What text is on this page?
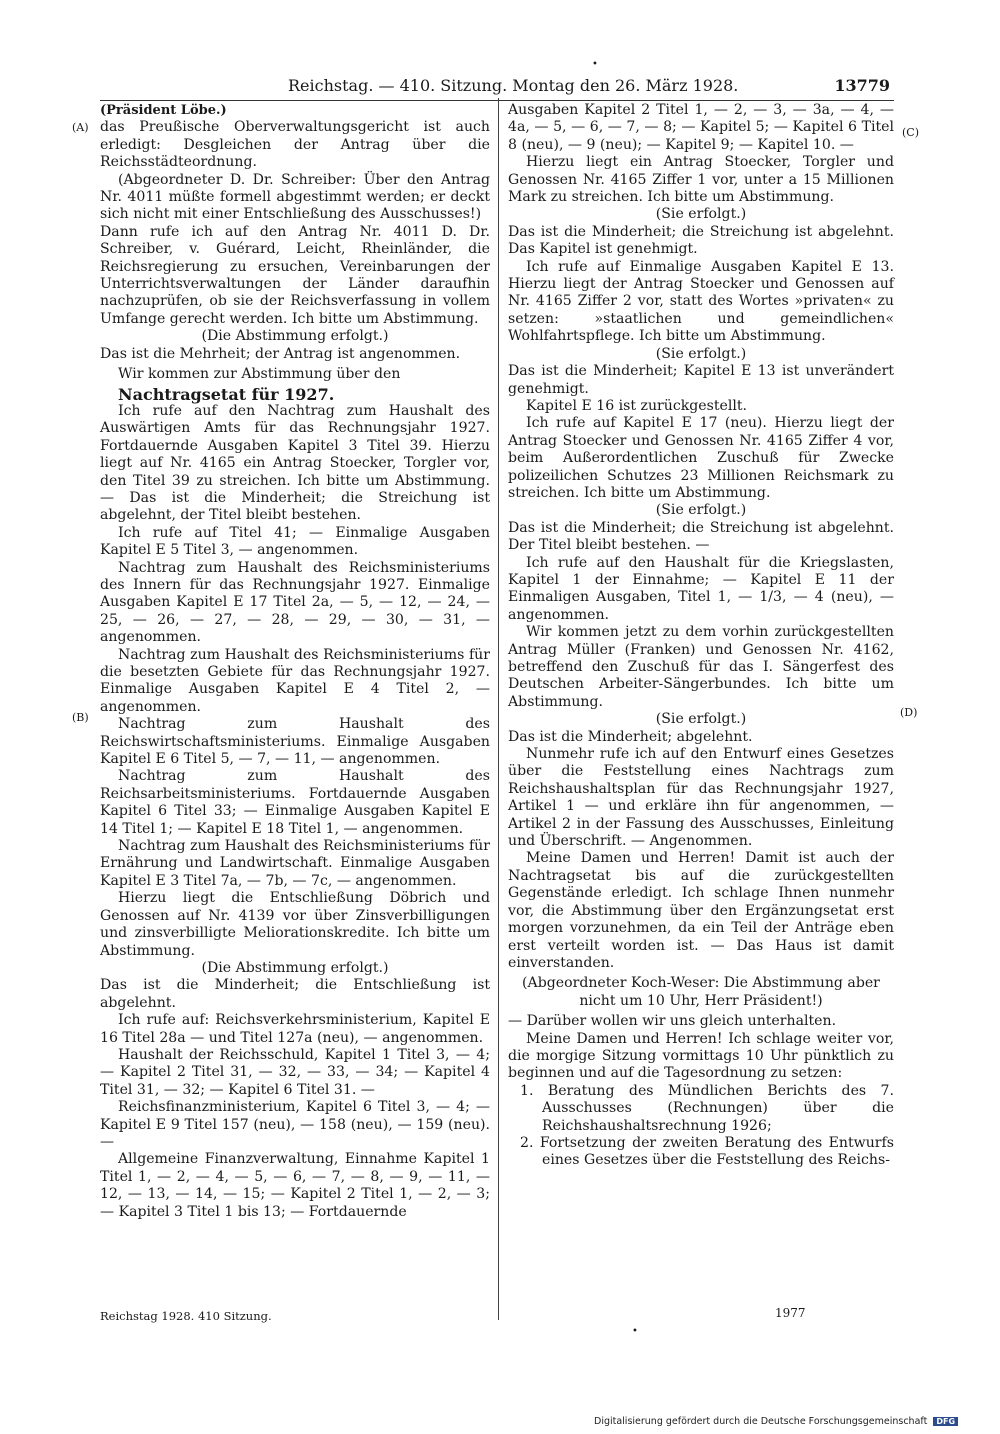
•
Reichstag. — 410. Sitzung. Montag den 26. März 1928.	13779

(Präsident Löbe.)

das Preußische Oberverwaltungsgericht ist auch erledigt: Desgleichen der Antrag über die Reichsstädteordnung.

(Abgeordneter D. Dr. Schreiber: Über den Antrag Nr. 4011 müßte formell abgestimmt werden; er deckt sich nicht mit einer Entschließung des Ausschusses!)

Dann rufe ich auf den Antrag Nr. 4011 D. Dr. Schreiber, v. Guérard, Leicht, Rheinländer, die Reichsregierung zu ersuchen, Vereinbarungen der Unterrichtsverwaltungen der Länder daraufhin nachzuprüfen, ob sie der Reichsverfassung in vollem Umfange gerecht werden. Ich bitte um Abstimmung.

(Die Abstimmung erfolgt.)

Das ist die Mehrheit; der Antrag ist angenommen.

Wir kommen zur Abstimmung über den

Nachtragsetat für 1927.

Ich rufe auf den Nachtrag zum Haushalt des Auswärtigen Amts für das Rechnungsjahr 1927. Fortdauernde Ausgaben Kapitel 3 Titel 39. Hierzu liegt auf Nr. 4165 ein Antrag Stoecker, Torgler vor, den Titel 39 zu streichen. Ich bitte um Abstimmung. — Das ist die Minderheit; die Streichung ist abgelehnt, der Titel bleibt bestehen.

Ich rufe auf Titel 41; — Einmalige Ausgaben Kapitel E 5 Titel 3, — angenommen.

Nachtrag zum Haushalt des Reichsministeriums des Innern für das Rechnungsjahr 1927. Einmalige Ausgaben Kapitel E 17 Titel 2a, — 5, — 12, — 24, — 25, — 26, — 27, — 28, — 29, — 30, — 31, — angenommen.

Nachtrag zum Haushalt des Reichsministeriums für die besetzten Gebiete für das Rechnungsjahr 1927. Einmalige Ausgaben Kapitel E 4 Titel 2, — angenommen.

Nachtrag zum Haushalt des Reichswirtschaftsministeriums. Einmalige Ausgaben Kapitel E 6 Titel 5, — 7, — 11, — angenommen.

Nachtrag zum Haushalt des Reichsarbeitsministeriums. Fortdauernde Ausgaben Kapitel 6 Titel 33; — Einmalige Ausgaben Kapitel E 14 Titel 1; — Kapitel E 18 Titel 1, — angenommen.

Nachtrag zum Haushalt des Reichsministeriums für Ernährung und Landwirtschaft. Einmalige Ausgaben Kapitel E 3 Titel 7a, — 7b, — 7c, — angenommen.

Hierzu liegt die Entschließung Döbrich und Genossen auf Nr. 4139 vor über Zinsverbilligungen und zinsverbilligte Meliorationskredite. Ich bitte um Abstimmung.

(Die Abstimmung erfolgt.)

Das ist die Minderheit; die Entschließung ist abgelehnt.

Ich rufe auf: Reichsverkehrsministerium, Kapitel E 16 Titel 28a — und Titel 127a (neu), — angenommen.

Haushalt der Reichsschuld, Kapitel 1 Titel 3, — 4; — Kapitel 2 Titel 31, — 32, — 33, — 34; — Kapitel 4 Titel 31, — 32; — Kapitel 6 Titel 31. —

Reichsfinanzministerium, Kapitel 6 Titel 3, — 4; — Kapitel E 9 Titel 157 (neu), — 158 (neu), — 159 (neu). —

Allgemeine Finanzverwaltung, Einnahme Kapitel 1 Titel 1, — 2, — 4, — 5, — 6, — 7, — 8, — 9, — 11, — 12, — 13, — 14, — 15; — Kapitel 2 Titel 1, — 2, — 3; — Kapitel 3 Titel 1 bis 13; — Fortdauernde

Ausgaben Kapitel 2 Titel 1, — 2, — 3, — 3a, — 4, — 4a, — 5, — 6, — 7, — 8; — Kapitel 5; — Kapitel 6 Titel 8 (neu), — 9 (neu); — Kapitel 9; — Kapitel 10. —

Hierzu liegt ein Antrag Stoecker, Torgler und Genossen Nr. 4165 Ziffer 1 vor, unter a 15 Millionen Mark zu streichen. Ich bitte um Abstimmung.

(Sie erfolgt.)

Das ist die Minderheit; die Streichung ist abgelehnt. Das Kapitel ist genehmigt.

Ich rufe auf Einmalige Ausgaben Kapitel E 13. Hierzu liegt der Antrag Stoecker und Genossen auf Nr. 4165 Ziffer 2 vor, statt des Wortes »privaten« zu setzen: »staatlichen und gemeindlichen« Wohlfahrtspflege. Ich bitte um Abstimmung.

(Sie erfolgt.)

Das ist die Minderheit; Kapitel E 13 ist unverändert genehmigt.

Kapitel E 16 ist zurückgestellt.

Ich rufe auf Kapitel E 17 (neu). Hierzu liegt der Antrag Stoecker und Genossen Nr. 4165 Ziffer 4 vor, beim Außerordentlichen Zuschuß für Zwecke polizeilichen Schutzes 23 Millionen Reichsmark zu streichen. Ich bitte um Abstimmung.

(Sie erfolgt.)

Das ist die Minderheit; die Streichung ist abgelehnt. Der Titel bleibt bestehen. —

Ich rufe auf den Haushalt für die Kriegslasten, Kapitel 1 der Einnahme; — Kapitel E 11 der Einmaligen Ausgaben, Titel 1, — 1/3, — 4 (neu), — angenommen.

Wir kommen jetzt zu dem vorhin zurückgestellten Antrag Müller (Franken) und Genossen Nr. 4162, betreffend den Zuschuß für das I. Sängerfest des Deutschen Arbeiter-Sängerbundes. Ich bitte um Abstimmung.

(Sie erfolgt.)

Das ist die Minderheit; abgelehnt.

Nunmehr rufe ich auf den Entwurf eines Gesetzes über die Feststellung eines Nachtrags zum Reichshaushaltsplan für das Rechnungsjahr 1927, Artikel 1 — und erkläre ihn für angenommen, — Artikel 2 in der Fassung des Ausschusses, Einleitung und Überschrift. — Angenommen.

Meine Damen und Herren! Damit ist auch der Nachtragsetat bis auf die zurückgestellten Gegenstände erledigt. Ich schlage Ihnen nunmehr vor, die Abstimmung über den Ergänzungsetat erst morgen vorzunehmen, da ein Teil der Anträge eben erst verteilt worden ist. — Das Haus ist damit einverstanden.

(Abgeordneter Koch-Weser: Die Abstimmung aber nicht um 10 Uhr, Herr Präsident!)

— Darüber wollen wir uns gleich unterhalten.

Meine Damen und Herren! Ich schlage weiter vor, die morgige Sitzung vormittags 10 Uhr pünktlich zu beginnen und auf die Tagesordnung zu setzen:

1. Beratung des Mündlichen Berichts des 7. Ausschusses (Rechnungen) über die Reichshaushaltsrechnung 1926;

2. Fortsetzung der zweiten Beratung des Entwurfs eines Gesetzes über die Feststellung des Reichs-

(A)
(B)
(C)
(D)
Reichstag 1928. 410 Sitzung.	1977
•
Digitalisierung gefördert durch die Deutsche Forschungsgemeinschaft DFG
